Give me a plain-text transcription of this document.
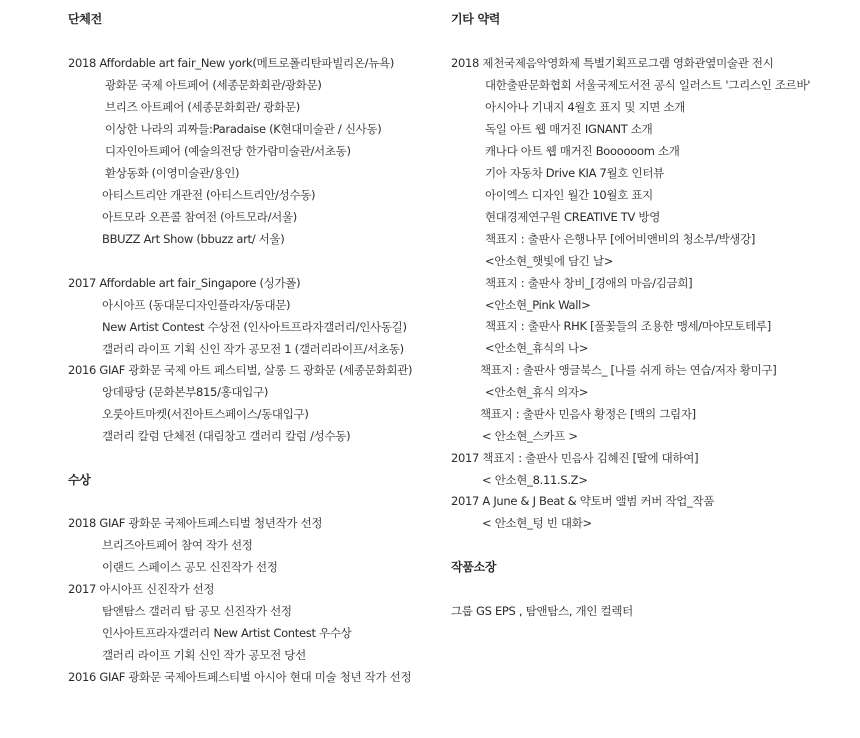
단체전
2018 Affordable art fair_New york(메트로폴리탄파빌리온/뉴욕)
광화문 국제 아트페어 (세종문화회관/광화문)
브리즈 아트페어 (세종문화회관/ 광화문)
이상한 나라의 괴짜들:Paradaise (K현대미술관 / 신사동)
디자인아트페어 (예술의전당 한가람미술관/서초동)
환상동화 (이영미술관/용인)
아티스트리안 개관전 (아티스트리안/성수동)
아트모라 오픈콜 참여전 (아트모라/서울)
BBUZZ Art Show (bbuzz art/ 서울)
2017 Affordable art fair_Singapore (싱가폴)
아시아프 (동대문디자인플라자/동대문)
New Artist Contest 수상전 (인사아트프라자갤러리/인사동길)
갤러리 라이프 기획 신인 작가 공모전 1 (갤러리라이프/서초동)
2016 GIAF 광화문 국제 아트 페스티벌, 살롱 드 광화문 (세종문화회관)
앙데팡당 (문화본부815/홍대입구)
오룻아트마켓(서진아트스페이스/동대입구)
갤러리 칼럼 단체전 (대림창고 갤러리 칼럼 /성수동)
수상
2018 GIAF 광화문 국제아트페스티벌 청년작가 선정
브리즈아트페어 참여 작가 선정
이랜드 스페이스 공모 신진작가 선정
2017 아시아프 신진작가 선정
탐앤탐스 갤러리 탐 공모 신진작가 선정
인사아트프라자갤러리 New Artist Contest 우수상
갤러리 라이프 기획 신인 작가 공모전 당선
2016 GIAF 광화문 국제아트페스티벌 아시아 현대 미술 청년 작가 선정
기타 약력
2018 제천국제음악영화제 특별기획프로그램 영화관옆미술관 전시
대한출판문화협회 서울국제도서전 공식 일러스트 '그리스인 조르바'
아시아나 기내지 4월호 표지 및 지면 소개
독일 아트 웹 매거진 IGNANT 소개
캐나다 아트 웹 매거진 Boooooom 소개
기아 자동차 Drive KIA 7월호 인터뷰
아이엑스 디자인 월간 10월호 표지
현대경제연구원 CREATIVE TV 방영
책표지 : 출판사 은행나무 [에어비앤비의 청소부/박생강]
<안소현_햇빛에 담긴 날>
책표지 : 출판사 창비_[경애의 마음/김금희]
<안소현_Pink Wall>
책표지 : 출판사 RHK [풀꽃들의 조용한 맹세/마야모토테루]
<안소현_휴식의 나>
책표지 : 출판사 앵글북스_ [나를 쉬게 하는 연습/저자 황미구]
<안소현_휴식 의자>
책표지 : 출판사 민음사 황정은 [백의 그림자]
< 안소현_스카프 >
2017 책표지 : 출판사 민음사 김혜진 [딸에 대하여]
< 안소현_8.11.S.Z>
2017 A June & J Beat & 약토버 앨범 커버 작업_작품
< 안소현_텅 빈 대화>
작품소장
그룹 GS EPS , 탐앤탐스, 개인 컬렉터
